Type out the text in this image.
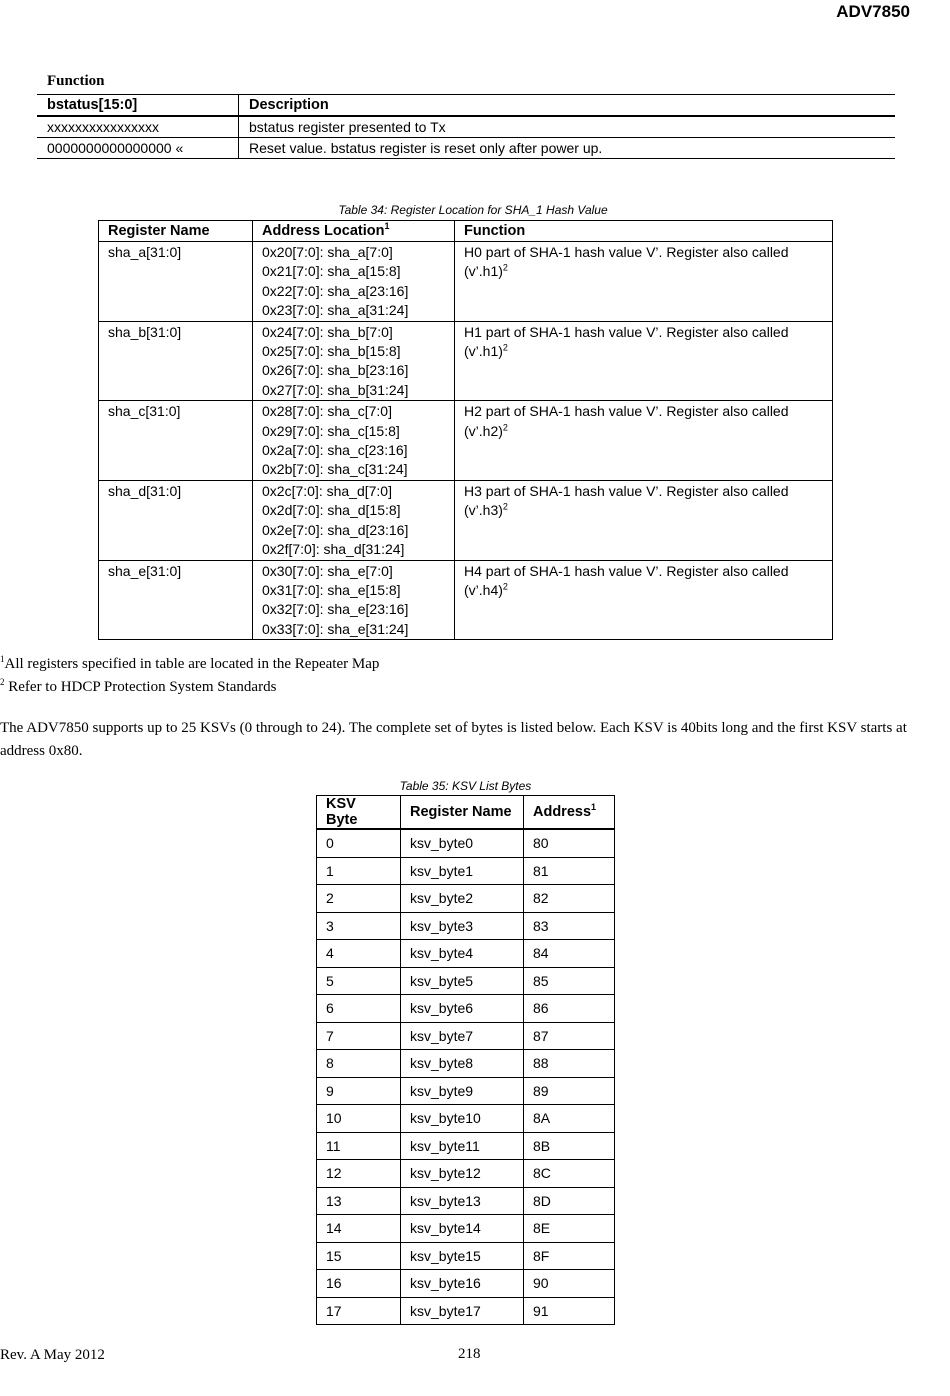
ADV7850
Function
bstatus[15:0]	Description
xxxxxxxxxxxxxxxx	bstatus register presented to Tx
0000000000000000 «	Reset value. bstatus register is reset only after power up.
Table 34: Register Location for SHA_1 Hash Value
Register Name	Address Location$^1$	Function
sha_a[31:0]	0x20[7:0]: sha_a[7:0]
0x21[7:0]: sha_a[15:8]
0x22[7:0]: sha_a[23:16]
0x23[7:0]: sha_a[31:24]	H0 part of SHA-1 hash value V’. Register also called (v’.h1)$^2$
sha_b[31:0]	0x24[7:0]: sha_b[7:0]
0x25[7:0]: sha_b[15:8]
0x26[7:0]: sha_b[23:16]
0x27[7:0]: sha_b[31:24]	H1 part of SHA-1 hash value V’. Register also called (v’.h1)$^2$
sha_c[31:0]	0x28[7:0]: sha_c[7:0]
0x29[7:0]: sha_c[15:8]
0x2a[7:0]: sha_c[23:16]
0x2b[7:0]: sha_c[31:24]	H2 part of SHA-1 hash value V’. Register also called (v’.h2)$^2$
sha_d[31:0]	0x2c[7:0]: sha_d[7:0]
0x2d[7:0]: sha_d[15:8]
0x2e[7:0]: sha_d[23:16]
0x2f[7:0]: sha_d[31:24]	H3 part of SHA-1 hash value V’. Register also called (v’.h3)$^2$
sha_e[31:0]	0x30[7:0]: sha_e[7:0]
0x31[7:0]: sha_e[15:8]
0x32[7:0]: sha_e[23:16]
0x33[7:0]: sha_e[31:24]	H4 part of SHA-1 hash value V’. Register also called (v’.h4)$^2$
$^1$All registers specified in table are located in the Repeater Map
$^2$ Refer to HDCP Protection System Standards
The ADV7850 supports up to 25 KSVs (0 through to 24). The complete set of bytes is listed below. Each KSV is 40bits long and the first KSV starts at address 0x80.
Table 35: KSV List Bytes
KSV Byte	Register Name	Address$^1$
0	ksv_byte0	80
1	ksv_byte1	81
2	ksv_byte2	82
3	ksv_byte3	83
4	ksv_byte4	84
5	ksv_byte5	85
6	ksv_byte6	86
7	ksv_byte7	87
8	ksv_byte8	88
9	ksv_byte9	89
10	ksv_byte10	8A
11	ksv_byte11	8B
12	ksv_byte12	8C
13	ksv_byte13	8D
14	ksv_byte14	8E
15	ksv_byte15	8F
16	ksv_byte16	90
17	ksv_byte17	91
Rev. A May 2012	218
